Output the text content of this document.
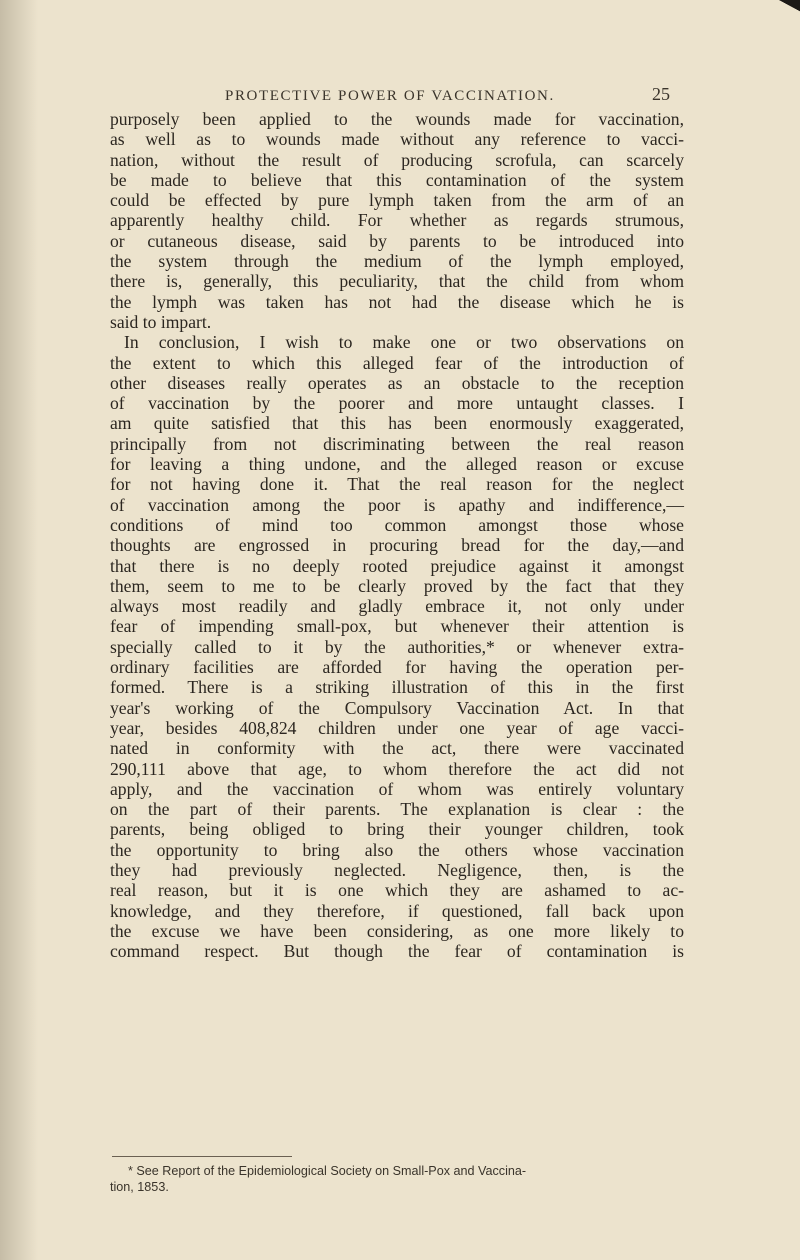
PROTECTIVE POWER OF VACCINATION.	25
purposely been applied to the wounds made for vaccination,
as well as to wounds made without any reference to vacci-
nation, without the result of producing scrofula, can scarcely
be made to believe that this contamination of the system
could be effected by pure lymph taken from the arm of an
apparently healthy child. For whether as regards strumous,
or cutaneous disease, said by parents to be introduced into
the system through the medium of the lymph employed,
there is, generally, this peculiarity, that the child from whom
the lymph was taken has not had the disease which he is
said to impart.
In conclusion, I wish to make one or two observations on
the extent to which this alleged fear of the introduction of
other diseases really operates as an obstacle to the reception
of vaccination by the poorer and more untaught classes. I
am quite satisfied that this has been enormously exaggerated,
principally from not discriminating between the real reason
for leaving a thing undone, and the alleged reason or excuse
for not having done it. That the real reason for the neglect
of vaccination among the poor is apathy and indifference,—
conditions of mind too common amongst those whose
thoughts are engrossed in procuring bread for the day,—and
that there is no deeply rooted prejudice against it amongst
them, seem to me to be clearly proved by the fact that they
always most readily and gladly embrace it, not only under
fear of impending small-pox, but whenever their attention is
specially called to it by the authorities,* or whenever extra-
ordinary facilities are afforded for having the operation per-
formed. There is a striking illustration of this in the first
year's working of the Compulsory Vaccination Act. In that
year, besides 408,824 children under one year of age vacci-
nated in conformity with the act, there were vaccinated
290,111 above that age, to whom therefore the act did not
apply, and the vaccination of whom was entirely voluntary
on the part of their parents. The explanation is clear : the
parents, being obliged to bring their younger children, took
the opportunity to bring also the others whose vaccination
they had previously neglected. Negligence, then, is the
real reason, but it is one which they are ashamed to ac-
knowledge, and they therefore, if questioned, fall back upon
the excuse we have been considering, as one more likely to
command respect. But though the fear of contamination is
* See Report of the Epidemiological Society on Small-Pox and Vaccina-
tion, 1853.
